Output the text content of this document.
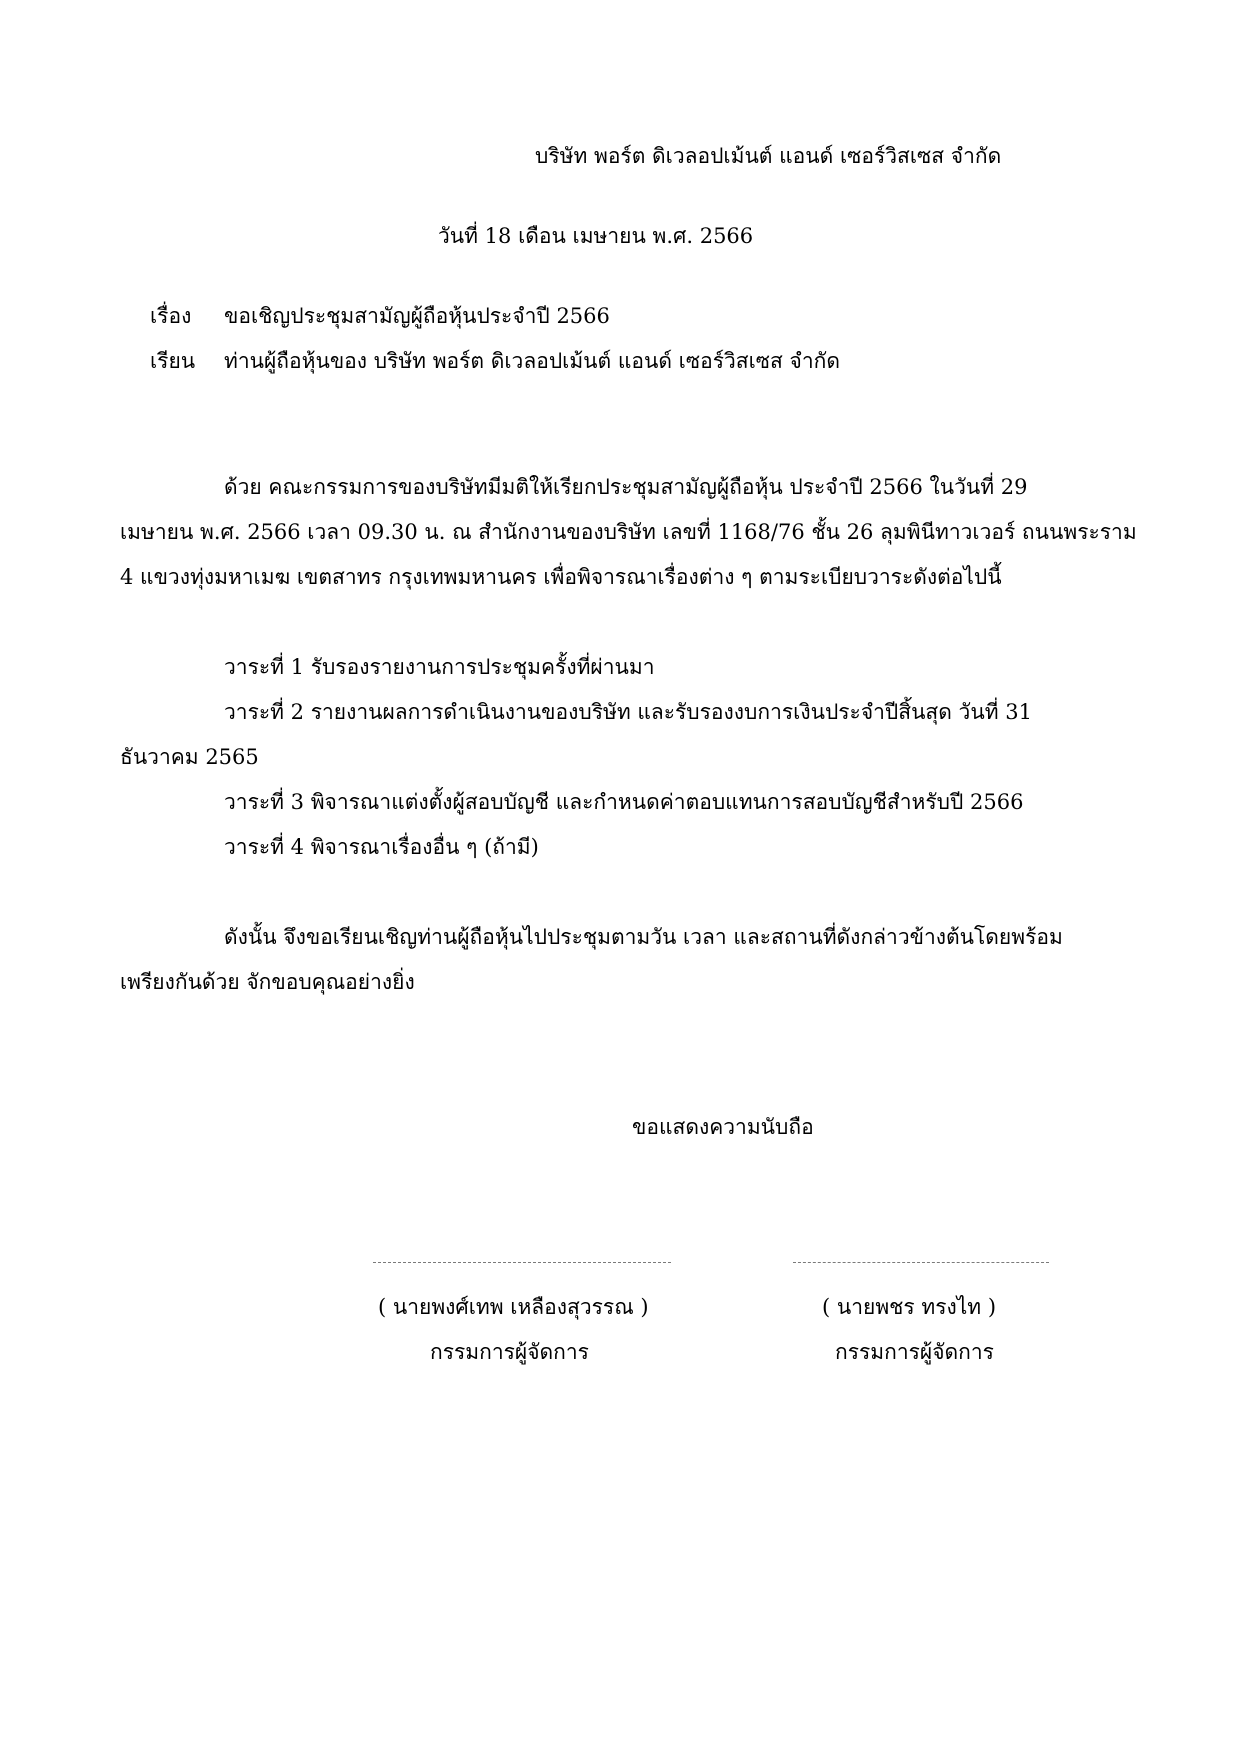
บริษัท พอร์ต ดิเวลอปเม้นต์ แอนด์ เซอร์วิสเซส จำกัด
วันที่ 18 เดือน เมษายน พ.ศ. 2566
เรื่อง ขอเชิญประชุมสามัญผู้ถือหุ้นประจำปี 2566
เรียน ท่านผู้ถือหุ้นของ บริษัท พอร์ต ดิเวลอปเม้นต์ แอนด์ เซอร์วิสเซส จำกัด
ด้วย คณะกรรมการของบริษัทมีมติให้เรียกประชุมสามัญผู้ถือหุ้น ประจำปี 2566 ในวันที่ 29
เมษายน พ.ศ. 2566 เวลา 09.30 น. ณ สำนักงานของบริษัท เลขที่ 1168/76 ชั้น 26 ลุมพินีทาวเวอร์ ถนนพระราม
4 แขวงทุ่งมหาเมฆ เขตสาทร กรุงเทพมหานคร เพื่อพิจารณาเรื่องต่าง ๆ ตามระเบียบวาระดังต่อไปนี้
วาระที่ 1 รับรองรายงานการประชุมครั้งที่ผ่านมา
วาระที่ 2 รายงานผลการดำเนินงานของบริษัท และรับรองงบการเงินประจำปีสิ้นสุด วันที่ 31
ธันวาคม 2565
วาระที่ 3 พิจารณาแต่งตั้งผู้สอบบัญชี และกำหนดค่าตอบแทนการสอบบัญชีสำหรับปี 2566
วาระที่ 4 พิจารณาเรื่องอื่น ๆ (ถ้ามี)
ดังนั้น จึงขอเรียนเชิญท่านผู้ถือหุ้นไปประชุมตามวัน เวลา และสถานที่ดังกล่าวข้างต้นโดยพร้อม
เพรียงกันด้วย จักขอบคุณอย่างยิ่ง
ขอแสดงความนับถือ
( นายพงศ์เทพ เหลืองสุวรรณ )
กรรมการผู้จัดการ
( นายพชร ทรงไท )
กรรมการผู้จัดการ
